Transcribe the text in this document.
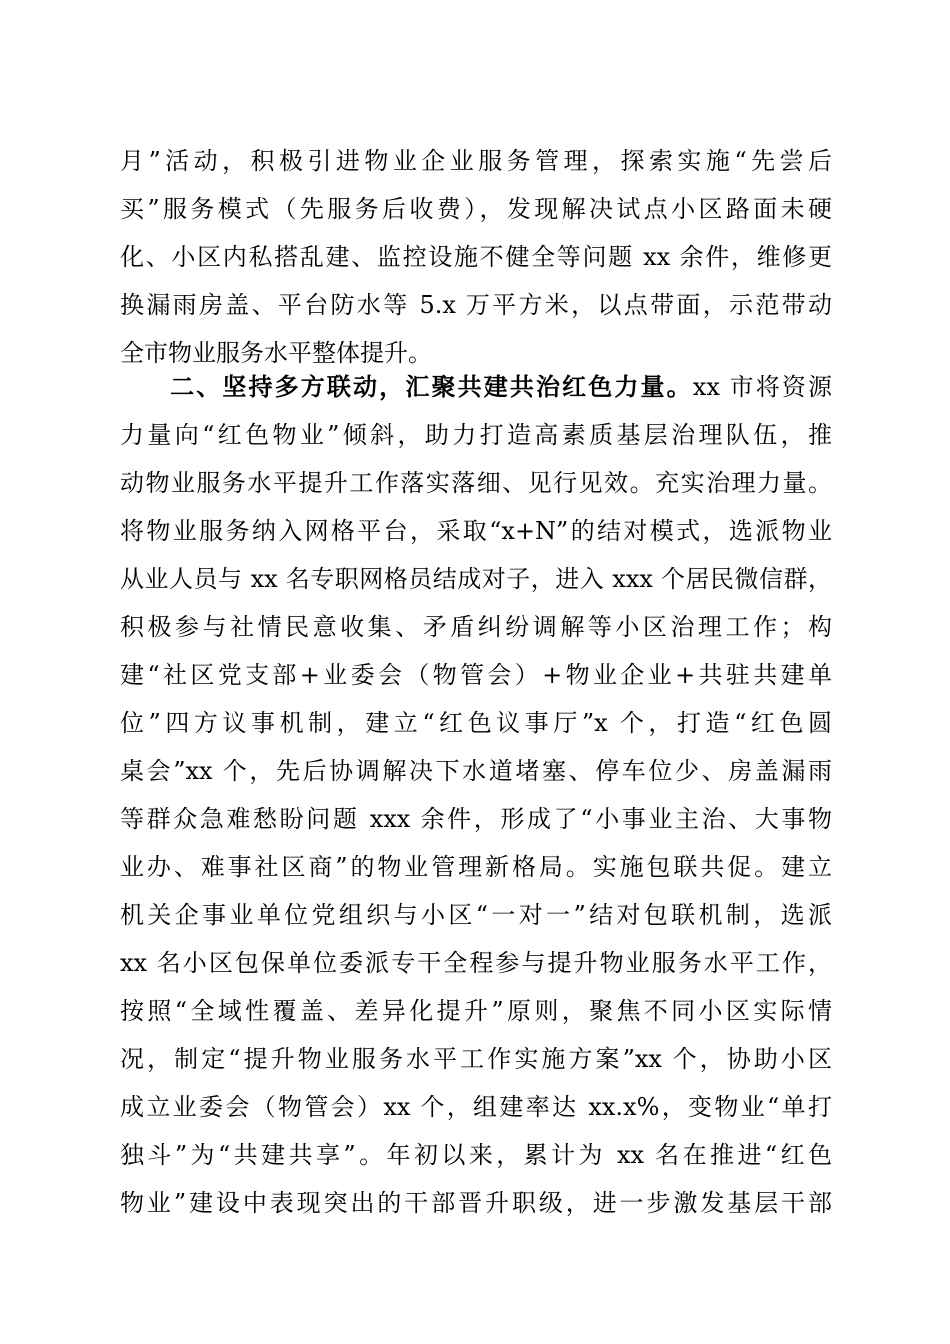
月”活动，积极引进物业企业服务管理，探索实施“先尝后
买”服务模式（先服务后收费），发现解决试点小区路面未硬
化、小区内私搭乱建、监控设施不健全等问题 xx 余件，维修更
换漏雨房盖、平台防水等 5.x 万平方米，以点带面，示范带动
全市物业服务水平整体提升。
二、坚持多方联动，汇聚共建共治红色力量。xx 市将资源
力量向“红色物业”倾斜，助力打造高素质基层治理队伍，推
动物业服务水平提升工作落实落细、见行见效。充实治理力量。
将物业服务纳入网格平台，采取“x+N”的结对模式，选派物业
从业人员与 xx 名专职网格员结成对子，进入 xxx 个居民微信群，
积极参与社情民意收集、矛盾纠纷调解等小区治理工作；构
建“社区党支部+业委会（物管会）+物业企业+共驻共建单
位”四方议事机制，建立“红色议事厅”x 个，打造“红色圆
桌会”xx 个，先后协调解决下水道堵塞、停车位少、房盖漏雨
等群众急难愁盼问题 xxx 余件，形成了“小事业主治、大事物
业办、难事社区商”的物业管理新格局。实施包联共促。建立
机关企事业单位党组织与小区“一对一”结对包联机制，选派
xx 名小区包保单位委派专干全程参与提升物业服务水平工作，
按照“全域性覆盖、差异化提升”原则，聚焦不同小区实际情
况，制定“提升物业服务水平工作实施方案”xx 个，协助小区
成立业委会（物管会）xx 个，组建率达 xx.x%，变物业“单打
独斗”为“共建共享”。年初以来，累计为 xx 名在推进“红色
物业”建设中表现突出的干部晋升职级，进一步激发基层干部
